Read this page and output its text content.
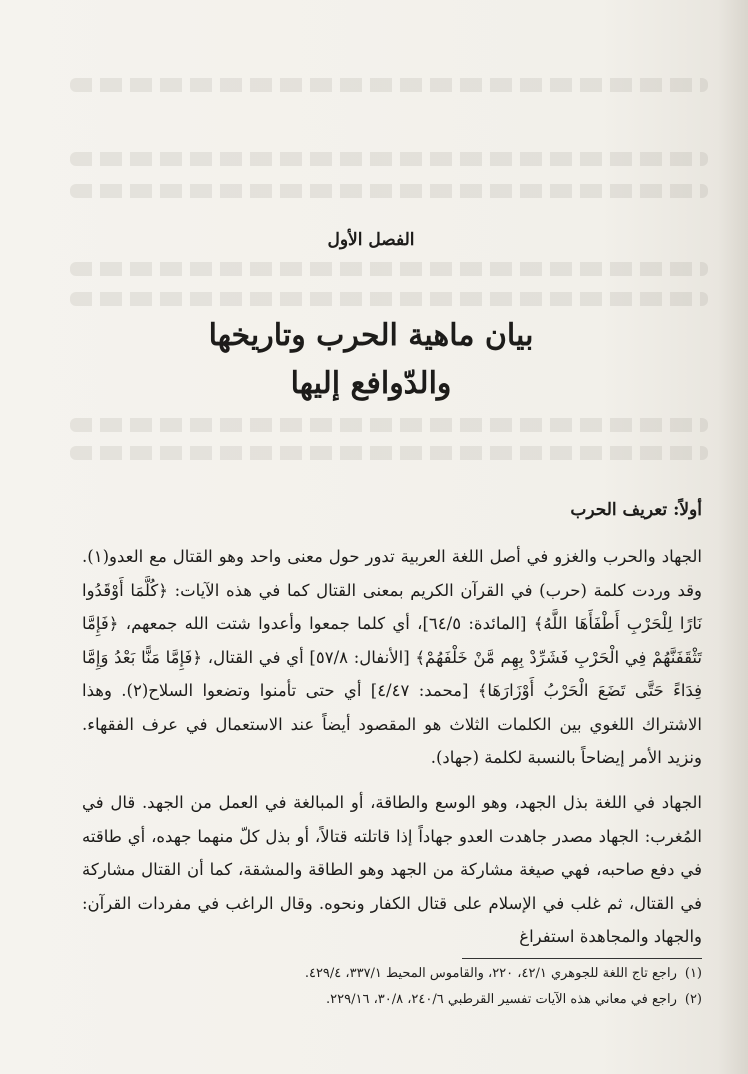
الفصل الأول
بيان ماهية الحرب وتاريخها
والدّوافع إليها
أولاً: تعريف الحرب
الجهاد والحرب والغزو في أصل اللغة العربية تدور حول معنى واحد وهو القتال مع العدو(١). وقد وردت كلمة (حرب) في القرآن الكريم بمعنى القتال كما في هذه الآيات: ﴿كُلَّمَا أَوْقَدُوا نَارًا لِلْحَرْبِ أَطْفَأَهَا اللَّهُ﴾ [المائدة: ٦٤/٥]، أي كلما جمعوا وأعدوا شتت الله جمعهم، ﴿فَإِمَّا تَثْقَفَنَّهُمْ فِي الْحَرْبِ فَشَرِّدْ بِهِم مَّنْ خَلْفَهُمْ﴾ [الأنفال: ٥٧/٨] أي في القتال، ﴿فَإِمَّا مَنًّا بَعْدُ وَإِمَّا فِدَاءً حَتَّى تَضَعَ الْحَرْبُ أَوْزَارَهَا﴾ [محمد: ٤/٤٧] أي حتى تأمنوا وتضعوا السلاح(٢). وهذا الاشتراك اللغوي بين الكلمات الثلاث هو المقصود أيضاً عند الاستعمال في عرف الفقهاء. ونزيد الأمر إيضاحاً بالنسبة لكلمة (جهاد).
الجهاد في اللغة بذل الجهد، وهو الوسع والطاقة، أو المبالغة في العمل من الجهد. قال في المُغرب: الجهاد مصدر جاهدت العدو جهاداً إذا قاتلته قتالاً، أو بذل كلّ منهما جهده، أي طاقته في دفع صاحبه، فهي صيغة مشاركة من الجهد وهو الطاقة والمشقة، كما أن القتال مشاركة في القتال، ثم غلب في الإسلام على قتال الكفار ونحوه. وقال الراغب في مفردات القرآن: والجهاد والمجاهدة استفراغ
(١)راجع تاج اللغة للجوهري ٤٢/١، ٢٢٠، والقاموس المحيط ٣٣٧/١، ٤٢٩/٤.
(٢)راجع في معاني هذه الآيات تفسير القرطبي ٢٤٠/٦، ٣٠/٨، ٢٢٩/١٦.
